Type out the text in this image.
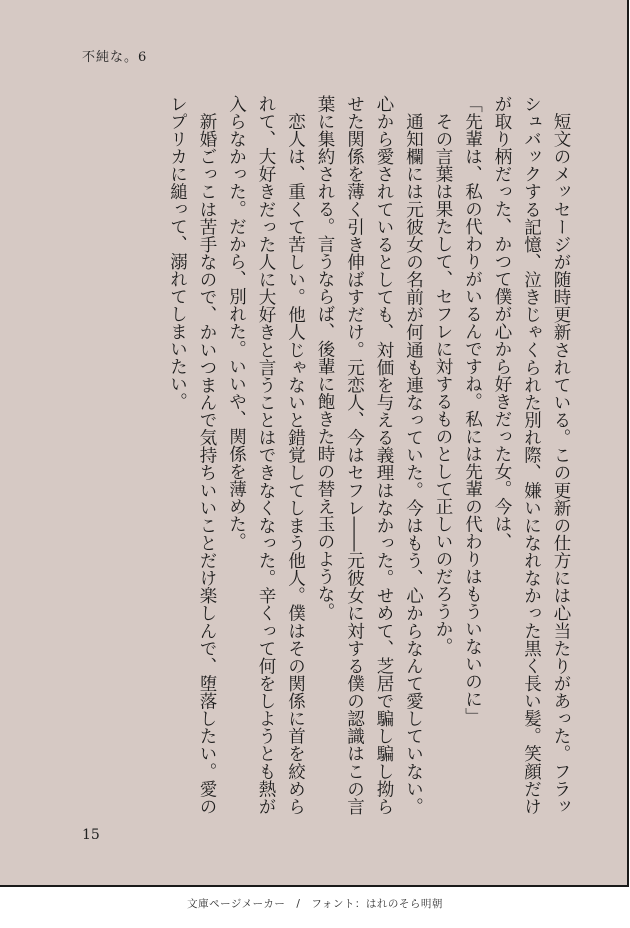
不純な。6

　短文のメッセージが随時更新されている。この更新の仕方には心当たりがあった。フラッシュバックする記憶、泣きじゃくられた別れ際、嫌いになれなかった黒く長い髪。笑顔だけが取り柄だった、かつて僕が心から好きだった女。今は、

「先輩は、私の代わりがいるんですね。私には先輩の代わりはもういないのに」

　その言葉は果たして、セフレに対するものとして正しいのだろうか。

　通知欄には元彼女の名前が何通も連なっていた。今はもう、心からなんて愛していない。心から愛されているとしても、対価を与える義理はなかった。せめて、芝居で騙し騙し拗らせた関係を薄く引き伸ばすだけ。元恋人、今はセフレ――元彼女に対する僕の認識はこの言葉に集約される。言うならば、後輩に飽きた時の替え玉のような。

　恋人は、重くて苦しい。他人じゃないと錯覚してしまう他人。僕はその関係に首を絞められて、大好きだった人に大好きと言うことはできなくなった。辛くって何をしようとも熱が入らなかった。だから、別れた。いいや、関係を薄めた。

　新婚ごっこは苦手なので、かいつまんで気持ちいいことだけ楽しんで、堕落したい。愛のレプリカに縋って、溺れてしまいたい。

15
文庫ページメーカー　/　フォント：はれのそら明朝
